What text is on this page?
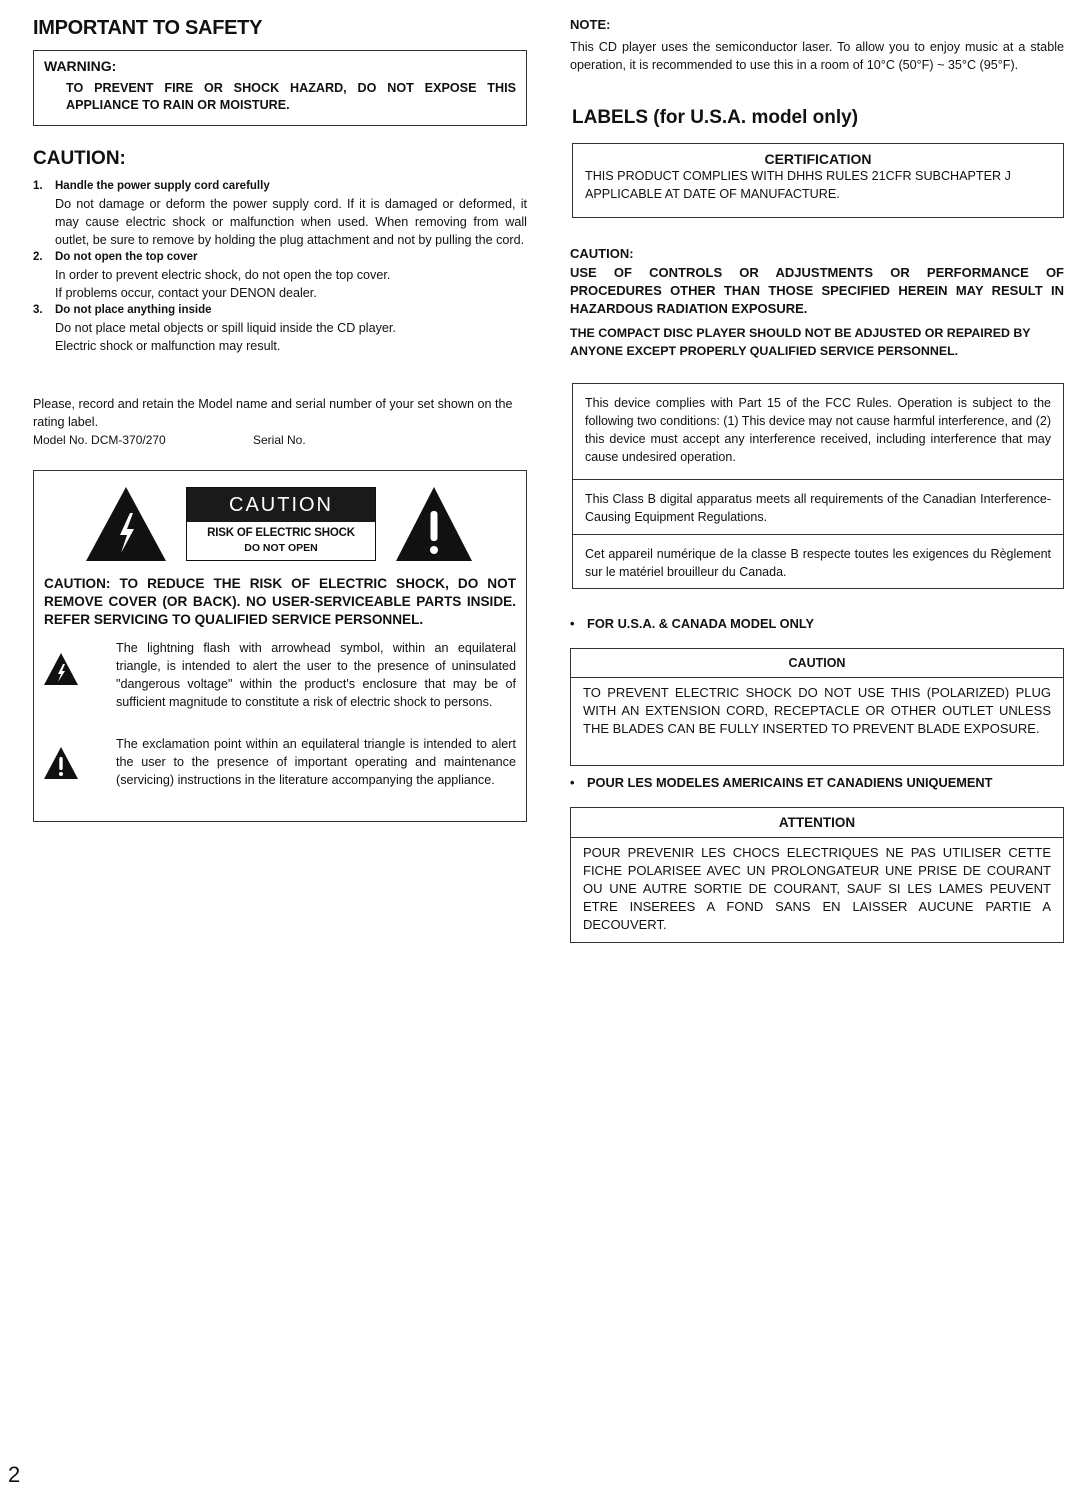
IMPORTANT TO SAFETY
WARNING:
TO PREVENT FIRE OR SHOCK HAZARD, DO NOT EXPOSE THIS APPLIANCE TO RAIN OR MOISTURE.
CAUTION:
1. Handle the power supply cord carefully

Do not damage or deform the power supply cord. If it is damaged or deformed, it may cause electric shock or malfunction when used. When removing from wall outlet, be sure to remove by holding the plug attachment and not by pulling the cord.

2. Do not open the top cover

In order to prevent electric shock, do not open the top cover.

If problems occur, contact your DENON dealer.

3. Do not place anything inside

Do not place metal objects or spill liquid inside the CD player.

Electric shock or malfunction may result.

Please, record and retain the Model name and serial number of your set shown on the rating label.

Model No. DCM-370/270	Serial No.
CAUTION
RISK OF ELECTRIC SHOCK
DO NOT OPEN
CAUTION: TO REDUCE THE RISK OF ELECTRIC SHOCK, DO NOT REMOVE COVER (OR BACK). NO USER-SERVICEABLE PARTS INSIDE. REFER SERVICING TO QUALIFIED SERVICE PERSONNEL.

The lightning flash with arrowhead symbol, within an equilateral triangle, is intended to alert the user to the presence of uninsulated "dangerous voltage" within the product's enclosure that may be of sufficient magnitude to constitute a risk of electric shock to persons.

The exclamation point within an equilateral triangle is intended to alert the user to the presence of important operating and maintenance (servicing) instructions in the literature accompanying the appliance.

NOTE:

This CD player uses the semiconductor laser. To allow you to enjoy music at a stable operation, it is recommended to use this in a room of 10°C (50°F) ~ 35°C (95°F).

LABELS (for U.S.A. model only)
CERTIFICATION

THIS PRODUCT COMPLIES WITH DHHS RULES 21CFR SUBCHAPTER J APPLICABLE AT DATE OF MANUFACTURE.

CAUTION:
USE OF CONTROLS OR ADJUSTMENTS OR PERFORMANCE OF PROCEDURES OTHER THAN THOSE SPECIFIED HEREIN MAY RESULT IN HAZARDOUS RADIATION EXPOSURE.
THE COMPACT DISC PLAYER SHOULD NOT BE ADJUSTED OR REPAIRED BY ANYONE EXCEPT PROPERLY QUALIFIED SERVICE PERSONNEL.

This device complies with Part 15 of the FCC Rules. Operation is subject to the following two conditions: (1) This device may not cause harmful interference, and (2) this device must accept any interference received, including interference that may cause undesired operation.

This Class B digital apparatus meets all requirements of the Canadian Interference-Causing Equipment Regulations.

Cet appareil numérique de la classe B respecte toutes les exigences du Règlement sur le matériel brouilleur du Canada.

• FOR U.S.A. & CANADA MODEL ONLY
CAUTION

TO PREVENT ELECTRIC SHOCK DO NOT USE THIS (POLARIZED) PLUG WITH AN EXTENSION CORD, RECEPTACLE OR OTHER OUTLET UNLESS THE BLADES CAN BE FULLY INSERTED TO PREVENT BLADE EXPOSURE.

• POUR LES MODELES AMERICAINS ET CANADIENS UNIQUEMENT
ATTENTION

POUR PREVENIR LES CHOCS ELECTRIQUES NE PAS UTILISER CETTE FICHE POLARISEE AVEC UN PROLONGATEUR UNE PRISE DE COURANT OU UNE AUTRE SORTIE DE COURANT, SAUF SI LES LAMES PEUVENT ETRE INSEREES A FOND SANS EN LAISSER AUCUNE PARTIE A DECOUVERT.

2
